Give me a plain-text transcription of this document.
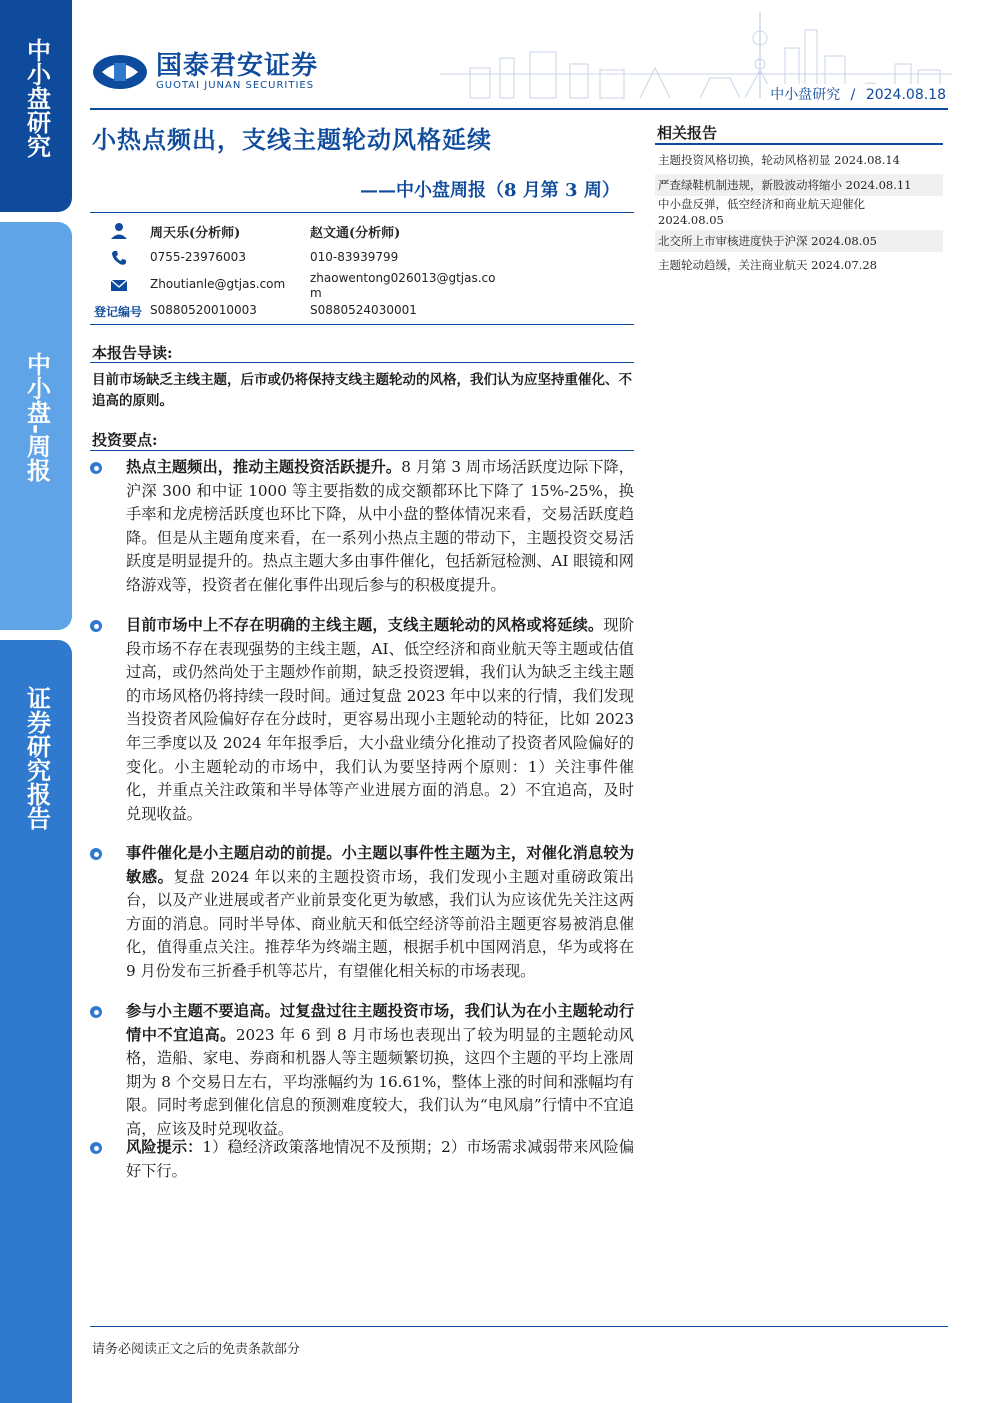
中小盘研究
中小盘-周报
证券研究报告
国泰君安证券
GUOTAI JUNAN SECURITIES
中小盘研究 / 2024.08.18
小热点频出，支线主题轮动风格延续
——中小盘周报（8 月第 3 周）
周天乐(分析师)
0755-23976003
Zhoutianle@gtjas.com
S0880520010003
赵文通(分析师)
010-83939799
zhaowentong026013@gtjas.co
m
S0880524030001
登记编号
相关报告
主题投资风格切换，轮动风格初显 2024.08.14
严查绿鞋机制违规，新股波动将缩小 2024.08.11
中小盘反弹，低空经济和商业航天迎催化
2024.08.05
北交所上市审核进度快于沪深 2024.08.05
主题轮动趋缓，关注商业航天 2024.07.28
本报告导读:
目前市场缺乏主线主题，后市或仍将保持支线主题轮动的风格，我们认为应坚持重催化、不追高的原则。
投资要点:
热点主题频出，推动主题投资活跃提升。8 月第 3 周市场活跃度边际下降，沪深 300 和中证 1000 等主要指数的成交额都环比下降了 15%-25%，换手率和龙虎榜活跃度也环比下降，从中小盘的整体情况来看，交易活跃度趋降。但是从主题角度来看，在一系列小热点主题的带动下，主题投资交易活跃度是明显提升的。热点主题大多由事件催化，包括新冠检测、AI 眼镜和网络游戏等，投资者在催化事件出现后参与的积极度提升。
目前市场中上不存在明确的主线主题，支线主题轮动的风格或将延续。现阶段市场不存在表现强势的主线主题，AI、低空经济和商业航天等主题或估值过高，或仍然尚处于主题炒作前期，缺乏投资逻辑，我们认为缺乏主线主题的市场风格仍将持续一段时间。通过复盘 2023 年中以来的行情，我们发现当投资者风险偏好存在分歧时，更容易出现小主题轮动的特征，比如 2023 年三季度以及 2024 年年报季后，大小盘业绩分化推动了投资者风险偏好的变化。小主题轮动的市场中，我们认为要坚持两个原则：1）关注事件催化，并重点关注政策和半导体等产业进展方面的消息。2）不宜追高，及时兑现收益。
事件催化是小主题启动的前提。小主题以事件性主题为主，对催化消息较为敏感。复盘 2024 年以来的主题投资市场，我们发现小主题对重磅政策出台，以及产业进展或者产业前景变化更为敏感，我们认为应该优先关注这两方面的消息。同时半导体、商业航天和低空经济等前沿主题更容易被消息催化，值得重点关注。推荐华为终端主题，根据手机中国网消息，华为或将在 9 月份发布三折叠手机等芯片，有望催化相关标的市场表现。
参与小主题不要追高。过复盘过往主题投资市场，我们认为在小主题轮动行情中不宜追高。2023 年 6 到 8 月市场也表现出了较为明显的主题轮动风格，造船、家电、券商和机器人等主题频繁切换，这四个主题的平均上涨周期为 8 个交易日左右，平均涨幅约为 16.61%，整体上涨的时间和涨幅均有限。同时考虑到催化信息的预测难度较大，我们认为“电风扇”行情中不宜追高，应该及时兑现收益。
风险提示：1）稳经济政策落地情况不及预期；2）市场需求减弱带来风险偏好下行。
请务必阅读正文之后的免责条款部分
